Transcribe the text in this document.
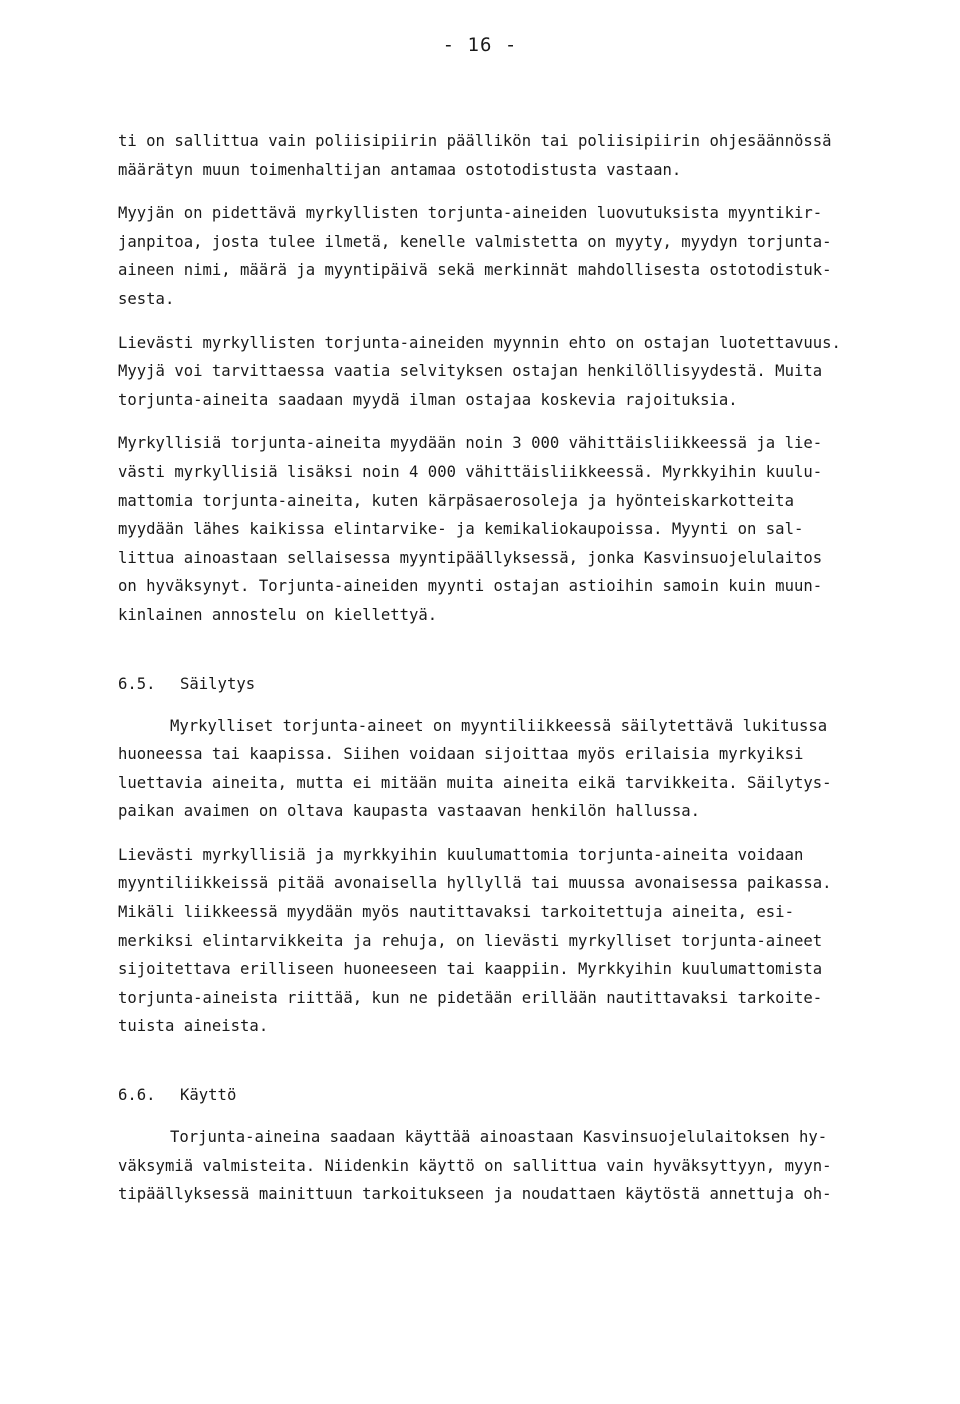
- 16 -
ti on sallittua vain poliisipiirin päällikön tai poliisipiirin ohjesäännössä
määrätyn muun toimenhaltijan antamaa ostotodistusta vastaan.
Myyjän on pidettävä myrkyllisten torjunta-aineiden luovutuksista myyntikir-
janpitoa, josta tulee ilmetä, kenelle valmistetta on myyty, myydyn torjunta-
aineen nimi, määrä ja myyntipäivä sekä merkinnät mahdollisesta ostotodistuk-
sesta.
Lievästi myrkyllisten torjunta-aineiden myynnin ehto on ostajan luotettavuus.
Myyjä voi tarvittaessa vaatia selvityksen ostajan henkilöllisyydestä. Muita
torjunta-aineita saadaan myydä ilman ostajaa koskevia rajoituksia.
Myrkyllisiä torjunta-aineita myydään noin 3 000 vähittäisliikkeessä ja lie-
västi myrkyllisiä lisäksi noin 4 000 vähittäisliikkeessä. Myrkkyihin kuulu-
mattomia torjunta-aineita, kuten kärpäsaerosoleja ja hyönteiskarkotteita
myydään lähes kaikissa elintarvike- ja kemikaliokaupoissa. Myynti on sal-
littua ainoastaan sellaisessa myyntipäällyksessä, jonka Kasvinsuojelulaitos
on hyväksynyt. Torjunta-aineiden myynti ostajan astioihin samoin kuin muun-
kinlainen annostelu on kiellettyä.
6.5. Säilytys
Myrkylliset torjunta-aineet on myyntiliikkeessä säilytettävä lukitussa
huoneessa tai kaapissa. Siihen voidaan sijoittaa myös erilaisia myrkyiksi
luettavia aineita, mutta ei mitään muita aineita eikä tarvikkeita. Säilytys-
paikan avaimen on oltava kaupasta vastaavan henkilön hallussa.
Lievästi myrkyllisiä ja myrkkyihin kuulumattomia torjunta-aineita voidaan
myyntiliikkeissä pitää avonaisella hyllyllä tai muussa avonaisessa paikassa.
Mikäli liikkeessä myydään myös nautittavaksi tarkoitettuja aineita, esi-
merkiksi elintarvikkeita ja rehuja, on lievästi myrkylliset torjunta-aineet
sijoitettava erilliseen huoneeseen tai kaappiin. Myrkkyihin kuulumattomista
torjunta-aineista riittää, kun ne pidetään erillään nautittavaksi tarkoite-
tuista aineista.
6.6. Käyttö
Torjunta-aineina saadaan käyttää ainoastaan Kasvinsuojelulaitoksen hy-
väksymiä valmisteita. Niidenkin käyttö on sallittua vain hyväksyttyyn, myyn-
tipäällyksessä mainittuun tarkoitukseen ja noudattaen käytöstä annettuja oh-
